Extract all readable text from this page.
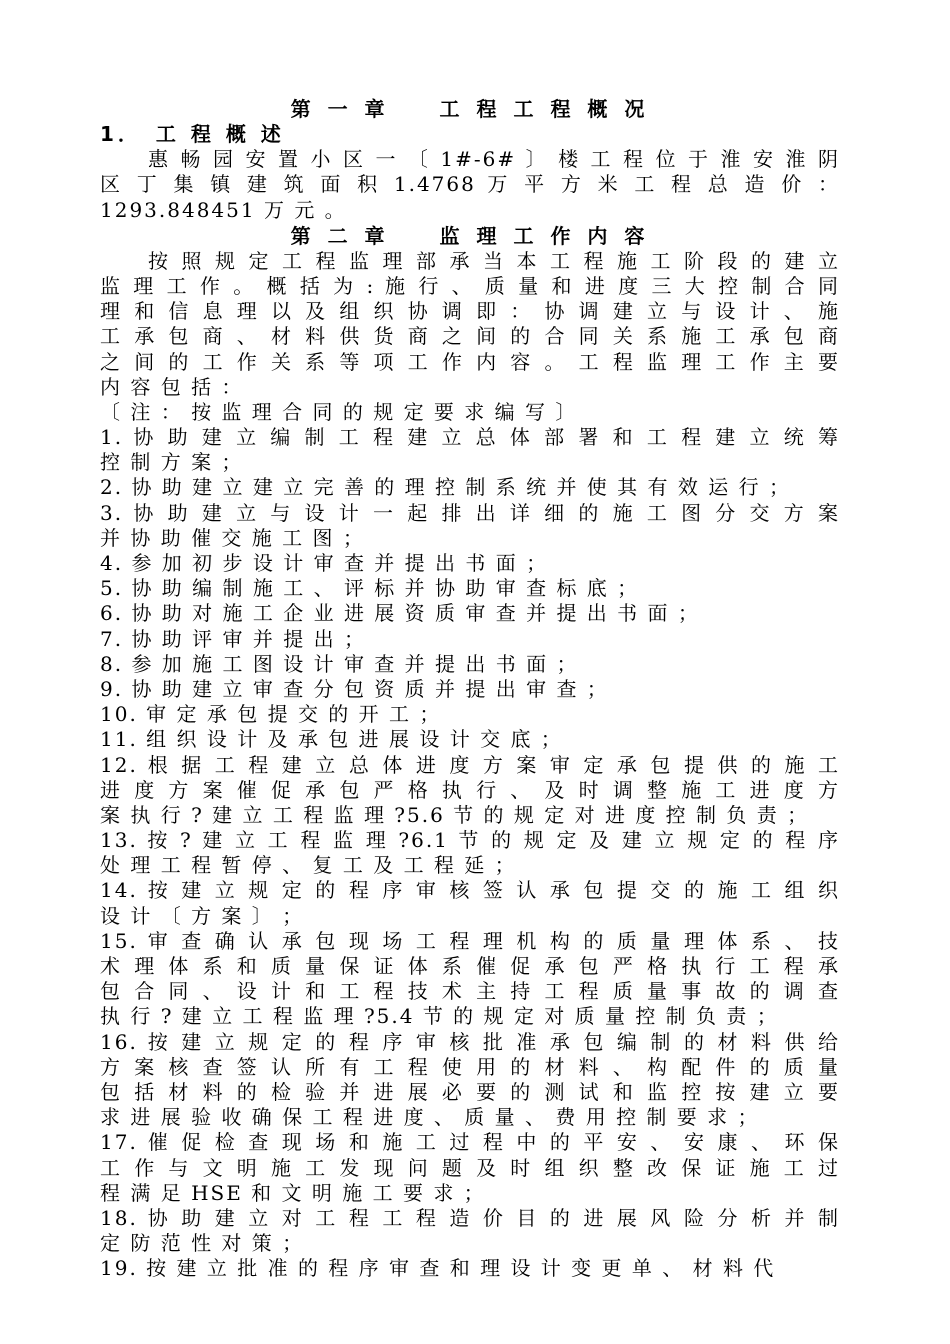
第 一 章　　工 程 工 程 概 况
1．　工 程 概 述
惠 畅 园 安 置 小 区 一 〔 1#-6# 〕 楼 工 程 位 于 淮 安 淮 阴
区 丁 集 镇 建 筑 面 积 1.4768 万 平 方 米 工 程 总 造 价 ：
1293.848451 万 元 。
第 二 章　　监 理 工 作 内 容
按 照 规 定 工 程 监 理 部 承 当 本 工 程 施 工 阶 段 的 建 立
监 理 工 作 。 概 括 为 : 施 行 、 质 量 和 进 度 三 大 控 制 合 同
理 和 信 息 理 以 及 组 织 协 调 即 ： 协 调 建 立 与 设 计 、 施
工 承 包 商 、 材 料 供 货 商 之 间 的 合 同 关 系 施 工 承 包 商
之 间 的 工 作 关 系 等 项 工 作 内 容 。 工 程 监 理 工 作 主 要
内 容 包 括 ：
〔 注 ： 按 监 理 合 同 的 规 定 要 求 编 写 〕
1. 协 助 建 立 编 制 工 程 建 立 总 体 部 署 和 工 程 建 立 统 筹
控 制 方 案 ；
2. 协 助 建 立 建 立 完 善 的 理 控 制 系 统 并 使 其 有 效 运 行 ；
3. 协 助 建 立 与 设 计 一 起 排 出 详 细 的 施 工 图 分 交 方 案
并 协 助 催 交 施 工 图 ；
4. 参 加 初 步 设 计 审 查 并 提 出 书 面 ；
5. 协 助 编 制 施 工 、 评 标 并 协 助 审 查 标 底 ；
6. 协 助 对 施 工 企 业 进 展 资 质 审 查 并 提 出 书 面 ；
7. 协 助 评 审 并 提 出 ；
8. 参 加 施 工 图 设 计 审 查 并 提 出 书 面 ；
9. 协 助 建 立 审 查 分 包 资 质 并 提 出 审 查 ；
10. 审 定 承 包 提 交 的 开 工 ；
11. 组 织 设 计 及 承 包 进 展 设 计 交 底 ；
12. 根 据 工 程 建 立 总 体 进 度 方 案 审 定 承 包 提 供 的 施 工
进 度 方 案 催 促 承 包 严 格 执 行 、 及 时 调 整 施 工 进 度 方
案 执 行 ? 建 立 工 程 监 理 ?5.6 节 的 规 定 对 进 度 控 制 负 责 ；
13. 按 ? 建 立 工 程 监 理 ?6.1 节 的 规 定 及 建 立 规 定 的 程 序
处 理 工 程 暂 停 、 复 工 及 工 程 延 ；
14. 按 建 立 规 定 的 程 序 审 核 签 认 承 包 提 交 的 施 工 组 织
设 计 〔 方 案 〕 ；
15. 审 查 确 认 承 包 现 场 工 程 理 机 构 的 质 量 理 体 系 、 技
术 理 体 系 和 质 量 保 证 体 系 催 促 承 包 严 格 执 行 工 程 承
包 合 同 、 设 计 和 工 程 技 术 主 持 工 程 质 量 事 故 的 调 查
执 行 ? 建 立 工 程 监 理 ?5.4 节 的 规 定 对 质 量 控 制 负 责 ；
16. 按 建 立 规 定 的 程 序 审 核 批 准 承 包 编 制 的 材 料 供 给
方 案 核 查 签 认 所 有 工 程 使 用 的 材 料 、 构 配 件 的 质 量
包 括 材 料 的 检 验 并 进 展 必 要 的 测 试 和 监 控 按 建 立 要
求 进 展 验 收 确 保 工 程 进 度 、 质 量 、 费 用 控 制 要 求 ；
17. 催 促 检 查 现 场 和 施 工 过 程 中 的 平 安 、 安 康 、 环 保
工 作 与 文 明 施 工 发 现 问 题 及 时 组 织 整 改 保 证 施 工 过
程 满 足 HSE 和 文 明 施 工 要 求 ；
18. 协 助 建 立 对 工 程 工 程 造 价 目 的 进 展 风 险 分 析 并 制
定 防 范 性 对 策 ；
19. 按 建 立 批 准 的 程 序 审 查 和 理 设 计 变 更 单 、 材 料 代
